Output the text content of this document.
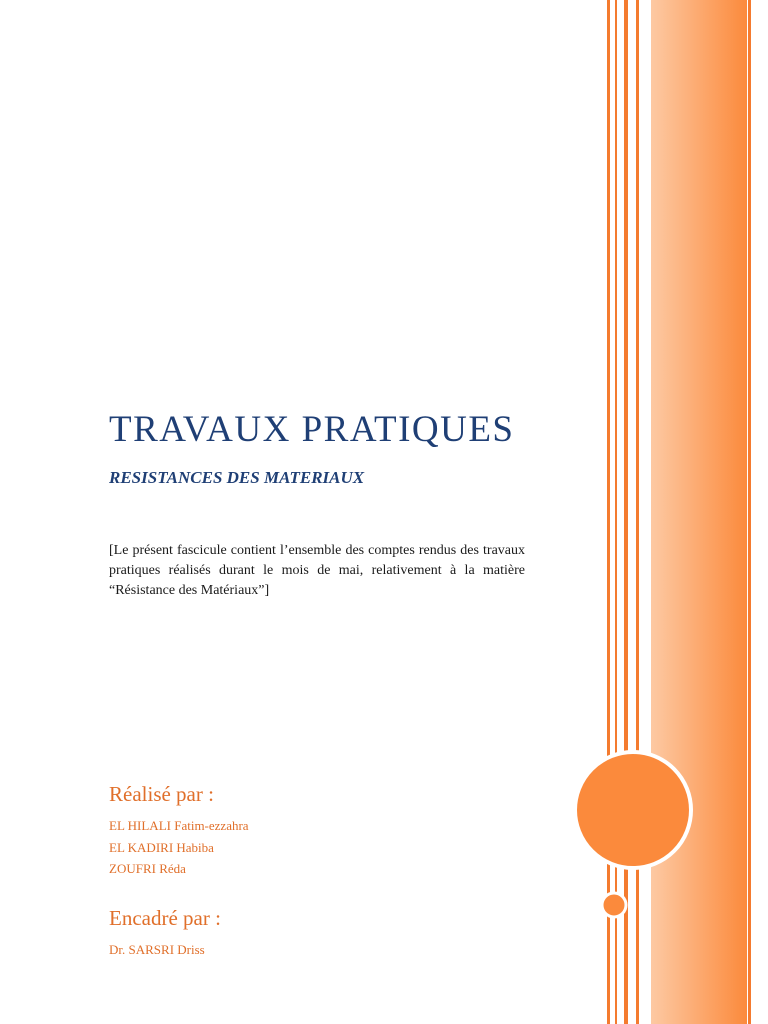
TRAVAUX PRATIQUES
RESISTANCES DES MATERIAUX

[Le présent fascicule contient l’ensemble des comptes rendus des travaux pratiques réalisés durant le mois de mai, relativement à la matière “Résistance des Matériaux”]

Réalisé par :
EL HILALI Fatim-ezzahra
EL KADIRI Habiba
ZOUFRI Réda
Encadré par :
Dr. SARSRI Driss
